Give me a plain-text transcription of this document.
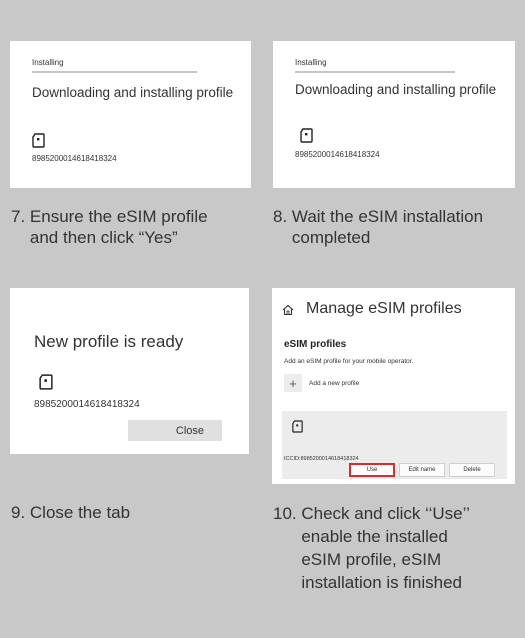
Installing
Downloading and installing profile
8985200014618418324
Installing
Downloading and installing profile
8985200014618418324
7. Ensure the eSIM profile
and then click “Yes”
8. Wait the eSIM installation
completed
New profile is ready
8985200014618418324
Close
9. Close the tab
Manage eSIM profiles
eSIM profiles
Add an eSIM profile for your mobile operator.
+	Add a new profile
ICCID:8985200014618418324
Use	Edit name	Delete
10. Check and click ‘‘Use’’
enable the installed
eSIM profile, eSIM
installation is finished
